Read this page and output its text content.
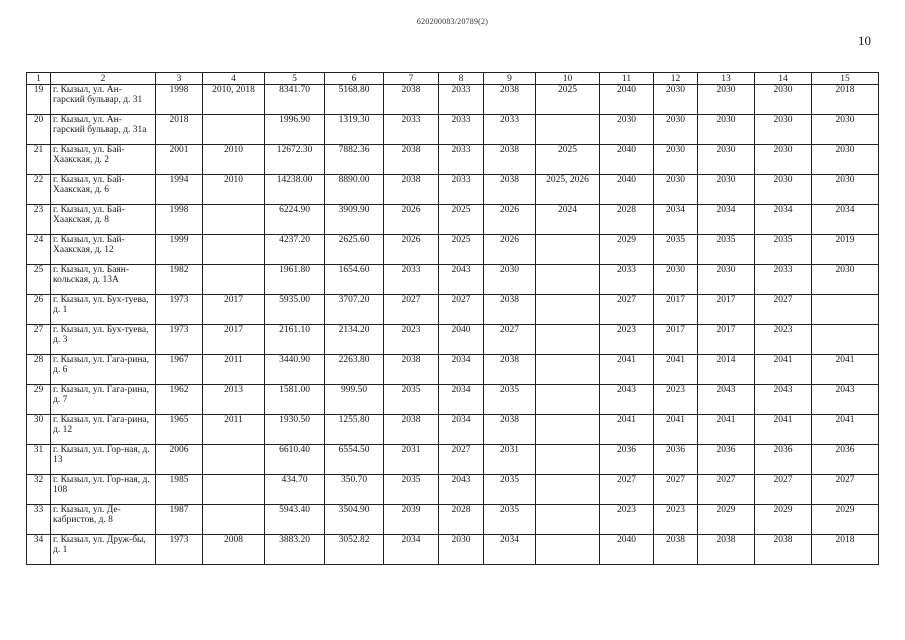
620200083/20789(2)
10
1	2	3	4	5	6	7	8	9	10	11	12	13	14	15
19	г. Кызыл, ул. Ан-гарский бульвар, д. 31	1998	2010, 2018	8341.70	5168.80	2038	2033	2038	2025	2040	2030	2030	2030	2018
20	г. Кызыл, ул. Ан-гарский бульвар, д. 31а	2018		1996.90	1319.30	2033	2033	2033		2030	2030	2030	2030	2030
21	г. Кызыл, ул. Бай-Хаакская, д. 2	2001	2010	12672.30	7882.36	2038	2033	2038	2025	2040	2030	2030	2030	2030
22	г. Кызыл, ул. Бай-Хаакская, д. 6	1994	2010	14238.00	8890.00	2038	2033	2038	2025, 2026	2040	2030	2030	2030	2030
23	г. Кызыл, ул. Бай-Хаакская, д. 8	1998		6224.90	3909.90	2026	2025	2026	2024	2028	2034	2034	2034	2034
24	г. Кызыл, ул. Бай-Хаакская, д. 12	1999		4237.20	2625.60	2026	2025	2026		2029	2035	2035	2035	2019
25	г. Кызыл, ул. Баян-кольская, д. 13А	1982		1961.80	1654.60	2033	2043	2030		2033	2030	2030	2033	2030
26	г. Кызыл, ул. Бух-туева, д. 1	1973	2017	5935.00	3707.20	2027	2027	2038		2027	2017	2017	2027	
27	г. Кызыл, ул. Бух-туева, д. 3	1973	2017	2161.10	2134.20	2023	2040	2027		2023	2017	2017	2023	
28	г. Кызыл, ул. Гага-рина, д. 6	1967	2011	3440.90	2263.80	2038	2034	2038		2041	2041	2014	2041	2041
29	г. Кызыл, ул. Гага-рина, д. 7	1962	2013	1581.00	999.50	2035	2034	2035		2043	2023	2043	2043	2043
30	г. Кызыл, ул. Гага-рина, д. 12	1965	2011	1930.50	1255.80	2038	2034	2038		2041	2041	2041	2041	2041
31	г. Кызыл, ул. Гор-ная, д. 13	2006		6610.40	6554.50	2031	2027	2031		2036	2036	2036	2036	2036
32	г. Кызыл, ул. Гор-ная, д. 108	1985		434.70	350.70	2035	2043	2035		2027	2027	2027	2027	2027
33	г. Кызыл, ул. Де-кабристов, д. 8	1987		5943.40	3504.90	2039	2028	2035		2023	2023	2029	2029	2029
34	г. Кызыл, ул. Друж-бы, д. 1	1973	2008	3883.20	3052.82	2034	2030	2034		2040	2038	2038	2038	2018
